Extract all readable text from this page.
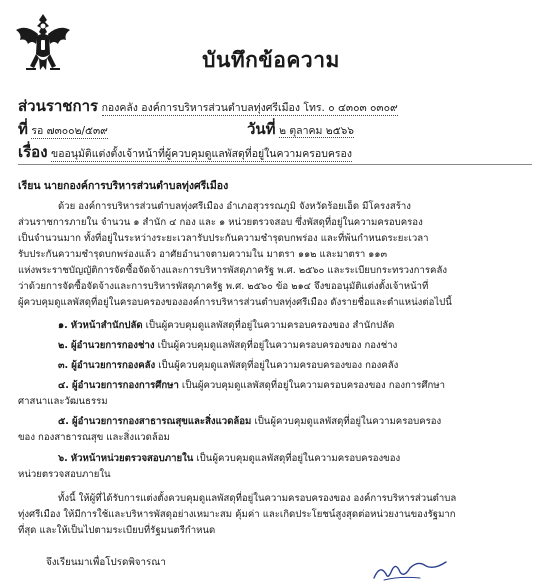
บันทึกข้อความ
ส่วนราชการ กองคลัง องค์การบริหารส่วนตำบลทุ่งศรีเมือง โทร. ๐ ๔๓๐๓ ๐๓๐๙
ที่ รอ ๗๓๐๐๒/๕๓๙	วันที่ ๒ ตุลาคม ๒๕๖๖
เรื่อง ขออนุมัติแต่งตั้งเจ้าหน้าที่ผู้ควบคุมดูแลพัสดุที่อยู่ในความครอบครอง
เรียน นายกองค์การบริหารส่วนตำบลทุ่งศรีเมือง
ด้วย องค์การบริหารส่วนตำบลทุ่งศรีเมือง อำเภอสุวรรณภูมิ จังหวัดร้อยเอ็ด มีโครงสร้าง
ส่วนราชการภายใน จำนวน ๑ สำนัก ๔ กอง และ ๑ หน่วยตรวจสอบ ซึ่งพัสดุที่อยู่ในความครอบครอง
เป็นจำนวนมาก ทั้งที่อยู่ในระหว่างระยะเวลารับประกันความชำรุดบกพร่อง และที่พ้นกำหนดระยะเวลา
รับประกันความชำรุดบกพร่องแล้ว อาศัยอำนาจตามความใน มาตรา ๑๑๒ และมาตรา ๑๑๓
แห่งพระราชบัญญัติการจัดซื้อจัดจ้างและการบริหารพัสดุภาครัฐ พ.ศ. ๒๕๖๐ และระเบียบกระทรวงการคลัง
ว่าด้วยการจัดซื้อจัดจ้างและการบริหารพัสดุภาครัฐ พ.ศ. ๒๕๖๐ ข้อ ๒๑๔ จึงขออนุมัติแต่งตั้งเจ้าหน้าที่
ผู้ควบคุมดูแลพัสดุที่อยู่ในครอบครองขององค์การบริหารส่วนตำบลทุ่งศรีเมือง ดังรายชื่อและตำแหน่งต่อไปนี้
๑. หัวหน้าสำนักปลัด เป็นผู้ควบคุมดูแลพัสดุที่อยู่ในความครอบครองของ สำนักปลัด
๒. ผู้อำนวยการกองช่าง เป็นผู้ควบคุมดูแลพัสดุที่อยู่ในความครอบครองของ กองช่าง
๓. ผู้อำนวยการกองคลัง เป็นผู้ควบคุมดูแลพัสดุที่อยู่ในความครอบครองของ กองคลัง
๔. ผู้อำนวยการกองการศึกษา เป็นผู้ควบคุมดูแลพัสดุที่อยู่ในความครอบครองของ กองการศึกษา
ศาสนาและวัฒนธรรม
๕. ผู้อำนวยการกองสาธารณสุขและสิ่งแวดล้อม เป็นผู้ควบคุมดูแลพัสดุที่อยู่ในความครอบครอง
ของ กองสาธารณสุข และสิ่งแวดล้อม
๖. หัวหน้าหน่วยตรวจสอบภายใน เป็นผู้ควบคุมดูแลพัสดุที่อยู่ในความครอบครองของ
หน่วยตรวจสอบภายใน
ทั้งนี้ ให้ผู้ที่ได้รับการแต่งตั้งควบคุมดูแลพัสดุที่อยู่ในความครอบครองของ องค์การบริหารส่วนตำบล
ทุ่งศรีเมือง ให้มีการใช้และบริหารพัสดุอย่างเหมาะสม คุ้มค่า และเกิดประโยชน์สูงสุดต่อหน่วยงานของรัฐมาก
ที่สุด และให้เป็นไปตามระเบียบที่รัฐมนตรีกำหนด
จึงเรียนมาเพื่อโปรดพิจารณา
